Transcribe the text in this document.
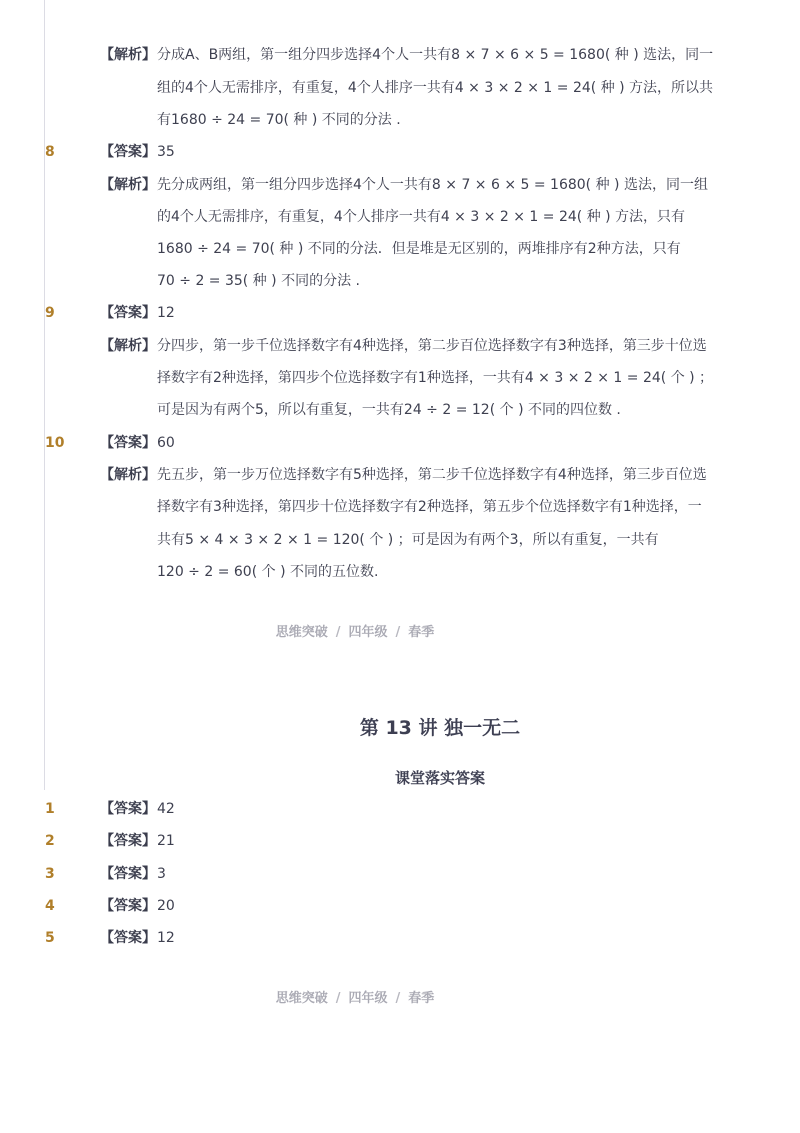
【解析】 分成A、B两组，第一组分四步选择4个人一共有8 × 7 × 6 × 5 = 1680( 种 ) 选法，同一
组的4个人无需排序，有重复，4个人排序一共有4 × 3 × 2 × 1 = 24( 种 ) 方法，所以共
有1680 ÷ 24 = 70( 种 ) 不同的分法 .
8	【答案】 35
【解析】 先分成两组，第一组分四步选择4个人一共有8 × 7 × 6 × 5 = 1680( 种 ) 选法，同一组
的4个人无需排序，有重复，4个人排序一共有4 × 3 × 2 × 1 = 24( 种 ) 方法，只有
1680 ÷ 24 = 70( 种 ) 不同的分法．但是堆是无区别的，两堆排序有2种方法，只有
70 ÷ 2 = 35( 种 ) 不同的分法 .
9	【答案】 12
【解析】 分四步，第一步千位选择数字有4种选择，第二步百位选择数字有3种选择，第三步十位选
择数字有2种选择，第四步个位选择数字有1种选择，一共有4 × 3 × 2 × 1 = 24( 个 ) ；
可是因为有两个5，所以有重复，一共有24 ÷ 2 = 12( 个 ) 不同的四位数 .
10	【答案】 60
【解析】 先五步，第一步万位选择数字有5种选择，第二步千位选择数字有4种选择，第三步百位选
择数字有3种选择，第四步十位选择数字有2种选择，第五步个位选择数字有1种选择，一
共有5 × 4 × 3 × 2 × 1 = 120( 个 ) ；可是因为有两个3，所以有重复，一共有
120 ÷ 2 = 60( 个 ) 不同的五位数.
思维突破 / 四年级 / 春季
第 13 讲 独一无二
课堂落实答案
1	【答案】 42
2	【答案】 21
3	【答案】 3
4	【答案】 20
5	【答案】 12
思维突破 / 四年级 / 春季
